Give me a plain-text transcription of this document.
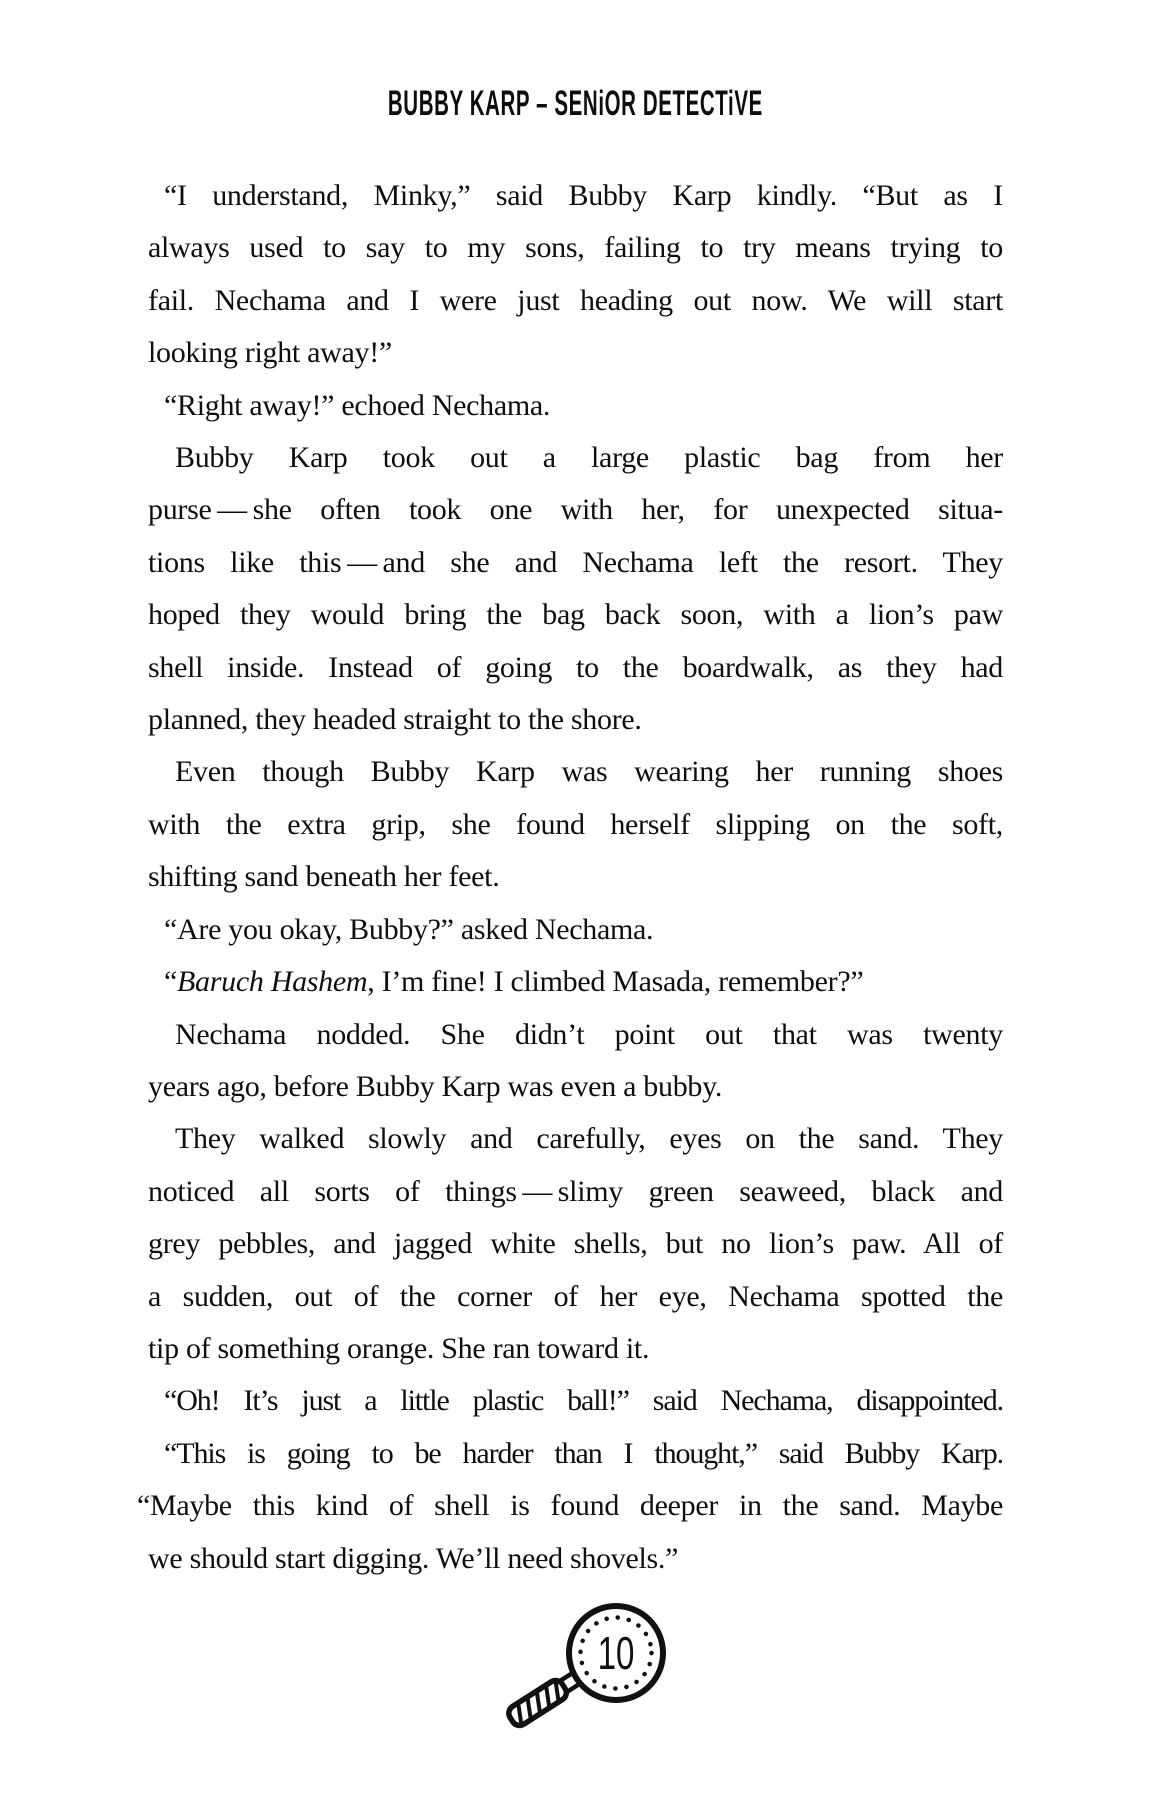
BUBBY KARP – SENiOR DETECTiVE
“I understand, Minky,” said Bubby Karp kindly. “But as I
always used to say to my sons, failing to try means trying to
fail. Nechama and I were just heading out now. We will start
looking right away!”
“Right away!” echoed Nechama.
Bubby Karp took out a large plastic bag from her
purse — she often took one with her, for unexpected situa-
tions like this — and she and Nechama left the resort. They
hoped they would bring the bag back soon, with a lion’s paw
shell inside. Instead of going to the boardwalk, as they had
planned, they headed straight to the shore.
Even though Bubby Karp was wearing her running shoes
with the extra grip, she found herself slipping on the soft,
shifting sand beneath her feet.
“Are you okay, Bubby?” asked Nechama.
“Baruch Hashem, I’m fine! I climbed Masada, remember?”
Nechama nodded. She didn’t point out that was twenty
years ago, before Bubby Karp was even a bubby.
They walked slowly and carefully, eyes on the sand. They
noticed all sorts of things — slimy green seaweed, black and
grey pebbles, and jagged white shells, but no lion’s paw. All of
a sudden, out of the corner of her eye, Nechama spotted the
tip of something orange. She ran toward it.
“Oh! It’s just a little plastic ball!” said Nechama, disappointed.
“This is going to be harder than I thought,” said Bubby Karp.
“Maybe this kind of shell is found deeper in the sand. Maybe
we should start digging. We’ll need shovels.”
10
